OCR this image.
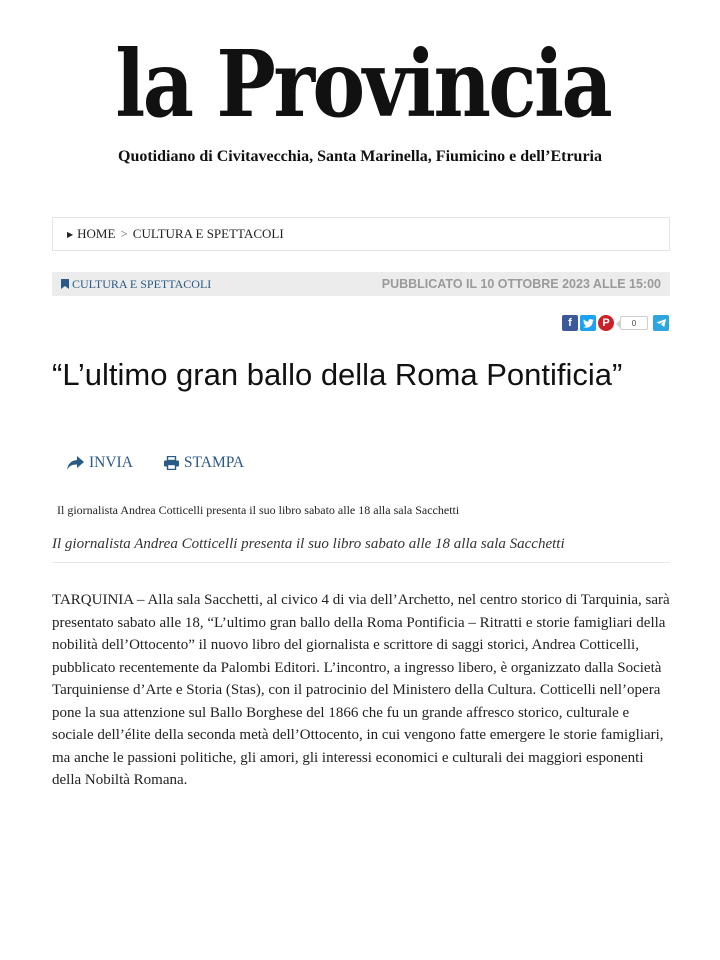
la Provincia
Quotidiano di Civitavecchia, Santa Marinella, Fiumicino e dell’Etruria
▶ HOME > CULTURA E SPETTACOLI
CULTURA E SPETTACOLI	PUBBLICATO IL 10 OTTOBRE 2023 ALLE 15:00
f	P	0
“L’ultimo gran ballo della Roma Pontificia”
INVIA	STAMPA
Il giornalista Andrea Cotticelli presenta il suo libro sabato alle 18 alla sala Sacchetti
Il giornalista Andrea Cotticelli presenta il suo libro sabato alle 18 alla sala Sacchetti

TARQUINIA – Alla sala Sacchetti, al civico 4 di via dell’Archetto, nel centro storico di Tarquinia, sarà presentato sabato alle 18, “L’ultimo gran ballo della Roma Pontificia – Ritratti e storie famigliari della nobilità dell’Ottocento” il nuovo libro del giornalista e scrittore di saggi storici, Andrea Cotticelli, pubblicato recentemente da Palombi Editori. L’incontro, a ingresso libero, è organizzato dalla Società Tarquiniense d’Arte e Storia (Stas), con il patrocinio del Ministero della Cultura. Cotticelli nell’opera pone la sua attenzione sul Ballo Borghese del 1866 che fu un grande affresco storico, culturale e sociale dell’élite della seconda metà dell’Ottocento, in cui vengono fatte emergere le storie famigliari, ma anche le passioni politiche, gli amori, gli interessi economici e culturali dei maggiori esponenti della Nobiltà Romana.
